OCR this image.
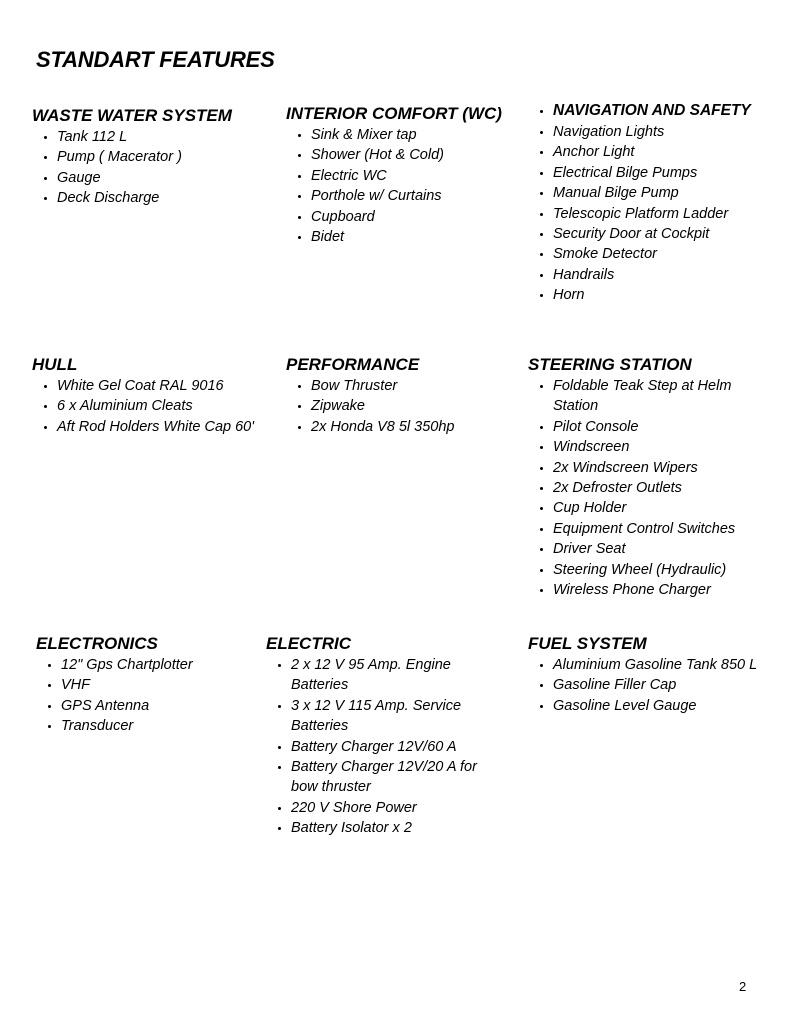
STANDART FEATURES
WASTE WATER SYSTEM
Tank 112 L
Pump ( Macerator )
Gauge
Deck Discharge
INTERIOR COMFORT (WC)
Sink & Mixer tap
Shower (Hot & Cold)
Electric WC
Porthole w/ Curtains
Cupboard
Bidet
NAVIGATION AND SAFETY
Navigation Lights
Anchor Light
Electrical Bilge Pumps
Manual Bilge Pump
Telescopic Platform Ladder
Security Door at Cockpit
Smoke Detector
Handrails
Horn
HULL
White Gel Coat RAL 9016
6 x Aluminium Cleats
Aft Rod Holders White Cap 60'
PERFORMANCE
Bow Thruster
Zipwake
2x Honda V8 5l 350hp
STEERING STATION
Foldable Teak Step at Helm Station
Pilot Console
Windscreen
2x Windscreen Wipers
2x Defroster Outlets
Cup Holder
Equipment Control Switches
Driver Seat
Steering Wheel (Hydraulic)
Wireless Phone Charger
ELECTRONICS
12" Gps Chartplotter
VHF
GPS Antenna
Transducer
ELECTRIC
2 x 12 V 95 Amp. Engine Batteries
3 x 12 V 115 Amp. Service Batteries
Battery Charger 12V/60 A
Battery Charger 12V/20 A for bow thruster
220 V Shore Power
Battery Isolator x 2
FUEL SYSTEM
Aluminium Gasoline Tank 850 L
Gasoline Filler Cap
Gasoline Level Gauge
2
